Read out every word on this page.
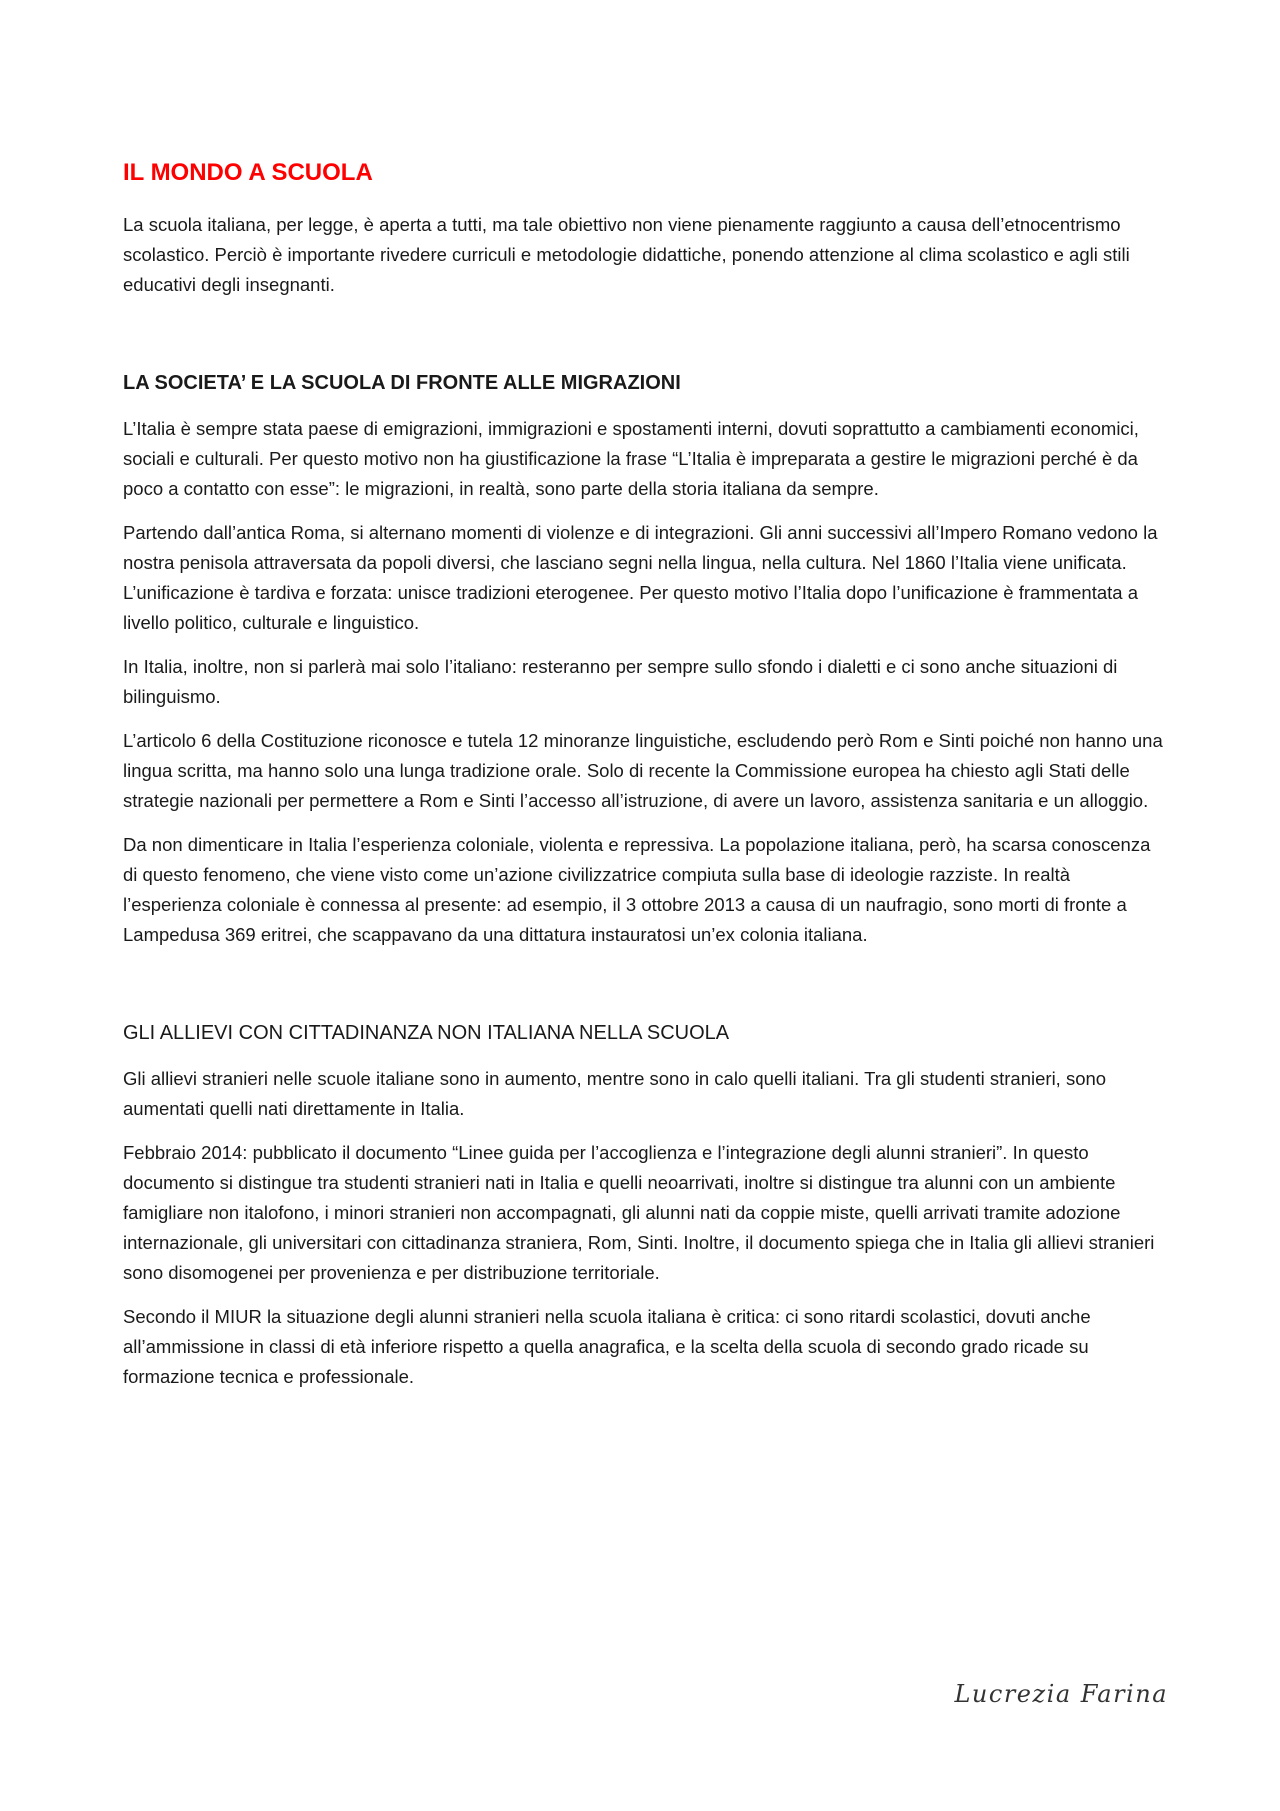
IL MONDO A SCUOLA

La scuola italiana, per legge, è aperta a tutti, ma tale obiettivo non viene pienamente raggiunto a causa dell’etnocentrismo scolastico. Perciò è importante rivedere curriculi e metodologie didattiche, ponendo attenzione al clima scolastico e agli stili educativi degli insegnanti.

LA SOCIETA’ E LA SCUOLA DI FRONTE ALLE MIGRAZIONI

L’Italia è sempre stata paese di emigrazioni, immigrazioni e spostamenti interni, dovuti soprattutto a cambiamenti economici, sociali e culturali. Per questo motivo non ha giustificazione la frase “L’Italia è impreparata a gestire le migrazioni perché è da poco a contatto con esse”: le migrazioni, in realtà, sono parte della storia italiana da sempre.

Partendo dall’antica Roma, si alternano momenti di violenze e di integrazioni. Gli anni successivi all’Impero Romano vedono la nostra penisola attraversata da popoli diversi, che lasciano segni nella lingua, nella cultura. Nel 1860 l’Italia viene unificata. L’unificazione è tardiva e forzata: unisce tradizioni eterogenee. Per questo motivo l’Italia dopo l’unificazione è frammentata a livello politico, culturale e linguistico.

In Italia, inoltre, non si parlerà mai solo l’italiano: resteranno per sempre sullo sfondo i dialetti e ci sono anche situazioni di bilinguismo.

L’articolo 6 della Costituzione riconosce e tutela 12 minoranze linguistiche, escludendo però Rom e Sinti poiché non hanno una lingua scritta, ma hanno solo una lunga tradizione orale. Solo di recente la Commissione europea ha chiesto agli Stati delle strategie nazionali per permettere a Rom e Sinti l’accesso all’istruzione, di avere un lavoro, assistenza sanitaria e un alloggio.

Da non dimenticare in Italia l’esperienza coloniale, violenta e repressiva. La popolazione italiana, però, ha scarsa conoscenza di questo fenomeno, che viene visto come un’azione civilizzatrice compiuta sulla base di ideologie razziste. In realtà l’esperienza coloniale è connessa al presente: ad esempio, il 3 ottobre 2013 a causa di un naufragio, sono morti di fronte a Lampedusa 369 eritrei, che scappavano da una dittatura instauratosi un’ex colonia italiana.

GLI ALLIEVI CON CITTADINANZA NON ITALIANA NELLA SCUOLA

Gli allievi stranieri nelle scuole italiane sono in aumento, mentre sono in calo quelli italiani. Tra gli studenti stranieri, sono aumentati quelli nati direttamente in Italia.

Febbraio 2014: pubblicato il documento “Linee guida per l’accoglienza e l’integrazione degli alunni stranieri”. In questo documento si distingue tra studenti stranieri nati in Italia e quelli neoarrivati, inoltre si distingue tra alunni con un ambiente famigliare non italofono, i minori stranieri non accompagnati, gli alunni nati da coppie miste, quelli arrivati tramite adozione internazionale, gli universitari con cittadinanza straniera, Rom, Sinti. Inoltre, il documento spiega che in Italia gli allievi stranieri sono disomogenei per provenienza e per distribuzione territoriale.

Secondo il MIUR la situazione degli alunni stranieri nella scuola italiana è critica: ci sono ritardi scolastici, dovuti anche all’ammissione in classi di età inferiore rispetto a quella anagrafica, e la scelta della scuola di secondo grado ricade su formazione tecnica e professionale.

Lucrezia Farina
